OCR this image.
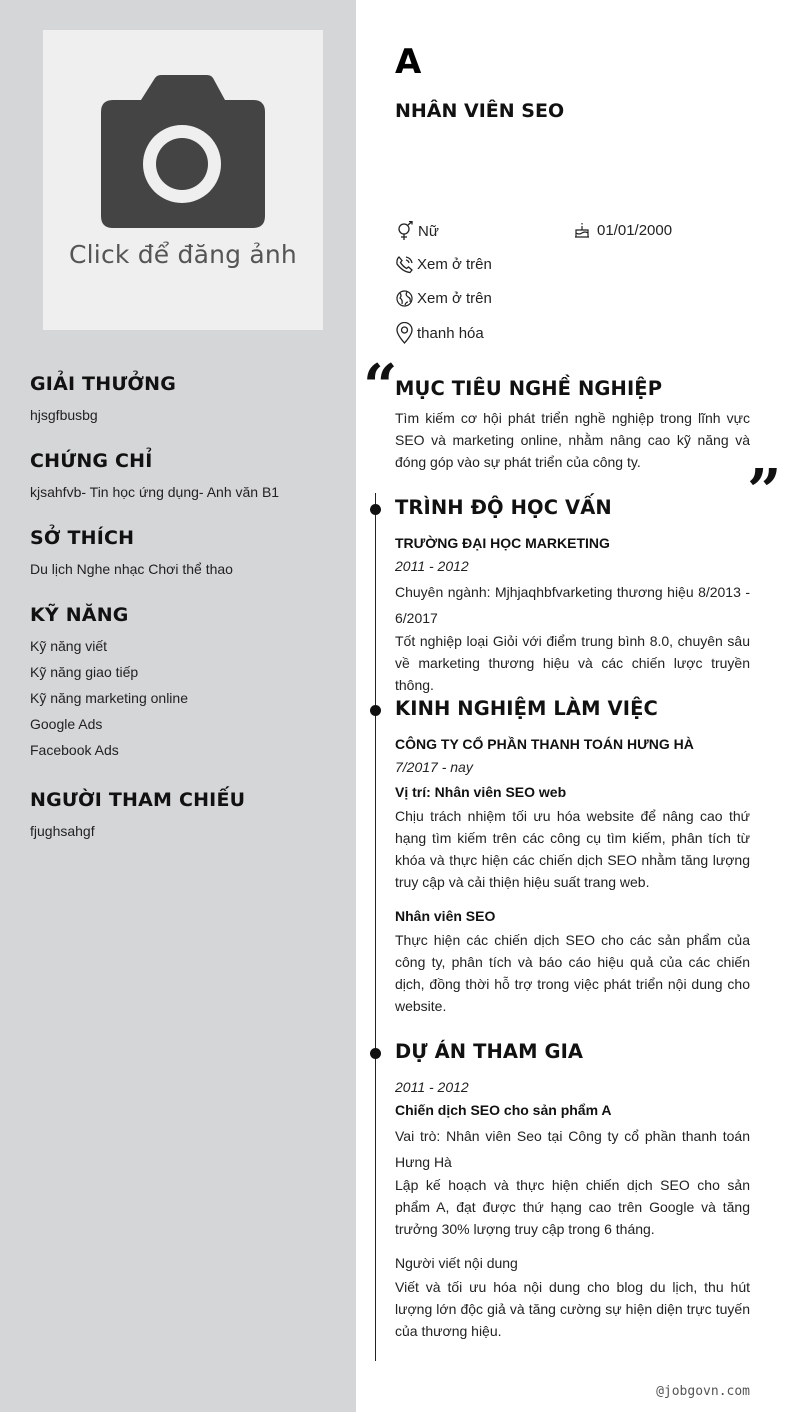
Click để đăng ảnh
GIẢI THƯỞNG
hjsgfbusbg
CHỨNG CHỈ
kjsahfvb- Tin học ứng dụng- Anh văn B1
SỞ THÍCH
Du lịch Nghe nhạc Chơi thể thao
KỸ NĂNG
Kỹ năng viết
Kỹ năng giao tiếp
Kỹ năng marketing online
Google Ads
Facebook Ads
NGƯỜI THAM CHIẾU
fjughsahgf
A
NHÂN VIÊN SEO
Nữ	01/01/2000
Xem ở trên
Xem ở trên
thanh hóa
“
MỤC TIÊU NGHỀ NGHIỆP
Tìm kiếm cơ hội phát triển nghề nghiệp trong lĩnh vực SEO và marketing online, nhằm nâng cao kỹ năng và đóng góp vào sự phát triển của công ty.	”
TRÌNH ĐỘ HỌC VẤN
TRƯỜNG ĐẠI HỌC MARKETING
2011 - 2012
Chuyên ngành: Mjhjaqhbfvarketing thương hiệu 8/2013 - 6/2017
Tốt nghiệp loại Giỏi với điểm trung bình 8.0, chuyên sâu về marketing thương hiệu và các chiến lược truyền thông.
KINH NGHIỆM LÀM VIỆC
CÔNG TY CỔ PHẦN THANH TOÁN HƯNG HÀ
7/2017 - nay
Vị trí: Nhân viên SEO web
Chịu trách nhiệm tối ưu hóa website để nâng cao thứ hạng tìm kiếm trên các công cụ tìm kiếm, phân tích từ khóa và thực hiện các chiến dịch SEO nhằm tăng lượng truy cập và cải thiện hiệu suất trang web.
Nhân viên SEO
Thực hiện các chiến dịch SEO cho các sản phẩm của công ty, phân tích và báo cáo hiệu quả của các chiến dịch, đồng thời hỗ trợ trong việc phát triển nội dung cho website.
DỰ ÁN THAM GIA
2011 - 2012
Chiến dịch SEO cho sản phẩm A
Vai trò: Nhân viên Seo tại Công ty cổ phần thanh toán Hưng Hà
Lập kế hoạch và thực hiện chiến dịch SEO cho sản phẩm A, đạt được thứ hạng cao trên Google và tăng trưởng 30% lượng truy cập trong 6 tháng.
Người viết nội dung
Viết và tối ưu hóa nội dung cho blog du lịch, thu hút lượng lớn độc giả và tăng cường sự hiện diện trực tuyến của thương hiệu.
@jobgovn.com
